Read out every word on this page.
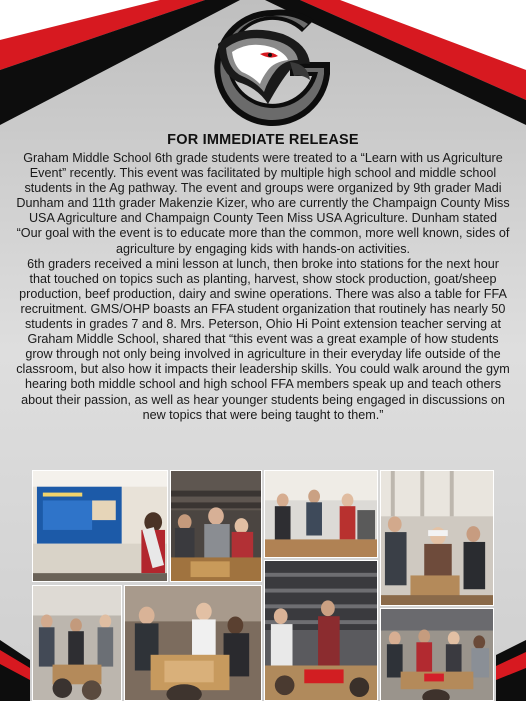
FOR IMMEDIATE RELEASE

Graham Middle School 6th grade students were treated to a “Learn with us Agriculture Event” recently. This event was facilitated by multiple high school and middle school students in the Ag pathway. The event and groups were organized by 9th grader Madi Dunham and 11th grader Makenzie Kizer, who are currently the Champaign County Miss USA Agriculture and Champaign County Teen Miss USA Agriculture. Dunham stated “Our goal with the event is to educate more than the common, more well known, sides of agriculture by engaging kids with hands-on activities.

6th graders received a mini lesson at lunch, then broke into stations for the next hour that touched on topics such as planting, harvest, show stock production, goat/sheep production, beef production, dairy and swine operations. There was also a table for FFA recruitment. GMS/OHP boasts an FFA student organization that routinely has nearly 50 students in grades 7 and 8. Mrs. Peterson, Ohio Hi Point extension teacher serving at Graham Middle School, shared that “this event was a great example of how students grow through not only being involved in agriculture in their everyday life outside of the classroom, but also how it impacts their leadership skills. You could walk around the gym hearing both middle school and high school FFA members speak up and teach others about their passion, as well as hear younger students being engaged in discussions on new topics that were being taught to them.”
